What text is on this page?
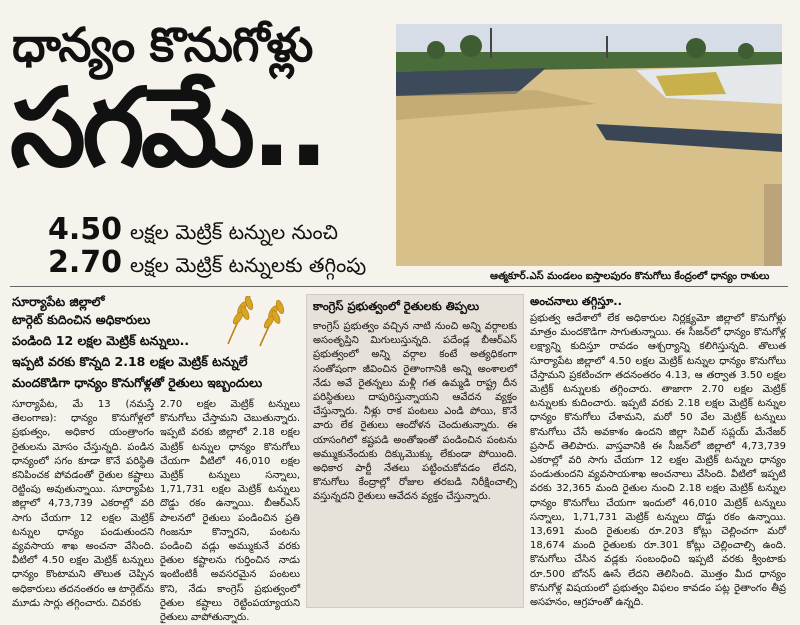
ధాన్యం కొనుగోళ్లు
సగమే..
4.50 లక్షల మెట్రిక్ టన్నుల నుంచి
2.70 లక్షల మెట్రిక్ టన్నులకు తగ్గింపు	ఆత్మకూర్.ఎస్ మండలం ఐస్తాలపురం కొనుగోలు కేంద్రంలో ధాన్యం రాశులు
సూర్యాపేట జిల్లాలో
టార్గెట్ కుదించిన అధికారులు
పండింది 12 లక్షల మెట్రిక్ టన్నులు..
ఇప్పటి వరకు కొన్నది 2.18 లక్షల మెట్రిక్ టన్నులే
మందకొడిగా ధాన్యం కొనుగోళ్లతో రైతులు ఇబ్బందులు
సూర్యాపేట, మే 13 (నమస్తే తెలంగాణ): ధాన్యం కొనుగోళ్లలో ప్రభుత్వం, అధికార యంత్రాంగం రైతులను మోసం చేస్తున్నది. పండిన ధాన్యంలో సగం కూడా కొనే పరిస్థితి కనిపించక పోవడంతో రైతుల కష్టాలు రెట్టింపు అవుతున్నాయి. సూర్యాపేట జిల్లాలో 4,73,739 ఎకరాల్లో వరి సాగు చేయగా 12 లక్షల మెట్రిక్ టన్నుల ధాన్యం పండుతుందని వ్యవసాయ శాఖ అంచనా వేసింది. వీటిలో 4.50 లక్షల మెట్రిక్ టన్నులు ధాన్యం కొంటామని తొలుత చెప్పిన అధికారులు తదనంతరం ఆ టార్గెట్‌ను మూడు సార్లు తగ్గించారు. చివరకు
2.70 లక్షల మెట్రిక్ టన్నులు కొనుగోలు చేస్తామని చెబుతున్నారు. ఇప్పటి వరకు జిల్లాలో 2.18 లక్షల మెట్రిక్ టన్నుల ధాన్యం కొనుగోలు చేయగా వీటిలో 46,010 లక్షల మెట్రిక్ టన్నులు సన్నాలు, 1,71,731 లక్షల మెట్రిక్ టన్నులు దొడ్డు రకం ఉన్నాయి. బీఆర్ఎస్ పాలనలో రైతులు పండించిన ప్రతి గింజనూ కొన్నారని, పంటను పండించి వడ్లు అమ్ముకునే వరకు రైతుల కష్టాలను గుర్తించిన నాడు ఇంటింటికీ అవసరమైన పంటలు కొని, నేడు కాంగ్రెస్ ప్రభుత్వంలో రైతుల కష్టాలు రెట్టింపయ్యాయని రైతులు వాపోతున్నారు.
కాంగ్రెస్ ప్రభుత్వంలో రైతులకు తిప్పలు
కాంగ్రెస్ ప్రభుత్వం వచ్చిన నాటి నుంచి అన్ని వర్గాలకు అసంతృప్తిని మిగులుస్తున్నది. పదేండ్ల బీఆర్ఎస్ ప్రభుత్వంలో అన్ని వర్గాల కంటే అత్యధికంగా సంతోషంగా జీవించిన రైతాంగానికి అన్ని అంశాలలో నేడు అవే రైతన్నలు మళ్లీ గత ఉమ్మడి రాష్ట్ర దీన పరిస్థితులు దాపురిస్తున్నాయని ఆవేదన వ్యక్తం చేస్తున్నారు. నీళ్లు రాక పంటలు ఎండి పోయి, కొనే వారు లేక రైతులు ఆందోళన చెందుతున్నారు. ఈ యాసంగిలో కష్టపడి అంతోఇంతో పండించిన పంటను అమ్ముకునేందుకు దిక్కుమొక్కు లేకుండా పోయింది. అధికార పార్టీ నేతలు పట్టించుకోవడం లేదని, కొనుగోలు కేంద్రాల్లో రోజుల తరబడి నిరీక్షించాల్సి వస్తున్నదని రైతులు ఆవేదన వ్యక్తం చేస్తున్నారు.
అంచనాలు తగ్గిస్తూ..
ప్రభుత్వ ఆదేశాలో లేక అధికారుల నిర్లక్ష్యమో జిల్లాలో కొనుగోళ్లు మాత్రం మందకొడిగా సాగుతున్నాయి. ఈ సీజన్‌లో ధాన్యం కొనుగోళ్ల లక్ష్యాన్ని కుదిస్తూ రావడం ఆశ్చర్యాన్ని కలిగిస్తున్నది. తొలుత సూర్యాపేట జిల్లాలో 4.50 లక్షల మెట్రిక్ టన్నుల ధాన్యం కొనుగోలు చేస్తామని ప్రకటించగా తదనంతరం 4.13, ఆ తర్వాత 3.50 లక్షల మెట్రిక్ టన్నులకు తగ్గించారు. తాజాగా 2.70 లక్షల మెట్రిక్ టన్నులకు కుదించారు. ఇప్పటి వరకు 2.18 లక్షల మెట్రిక్ టన్నుల ధాన్యం కొనుగోలు చేశామని, మరో 50 వేల మెట్రిక్ టన్నులు కొనుగోలు చేసే అవకాశం ఉందని జిల్లా సివిల్ సప్లయ్ మేనేజర్ ప్రసాద్ తెలిపారు. వాస్తవానికి ఈ సీజన్‌లో జిల్లాలో 4,73,739 ఎకరాల్లో వరి సాగు చేయగా 12 లక్షల మెట్రిక్ టన్నుల ధాన్యం పండుతుందని వ్యవసాయశాఖ అంచనాలు వేసింది. వీటిలో ఇప్పటి వరకు 32,365 మంది రైతుల నుంచి 2.18 లక్షల మెట్రిక్ టన్నుల ధాన్యం కొనుగోలు చేయగా ఇందులో 46,010 మెట్రిక్ టన్నులు సన్నాలు, 1,71,731 మెట్రిక్ టన్నులు దొడ్డు రకం ఉన్నాయి. 13,691 మంది రైతులకు రూ.203 కోట్లు చెల్లించగా మరో 18,674 మంది రైతులకు రూ.301 కోట్లు చెల్లించాల్సి ఉంది. కొనుగోలు చేసిన వడ్లకు సంబంధించి ఇప్పటి వరకు క్వింటాకు రూ.500 బోనస్ ఊసే లేదని తెలిసింది. మొత్తం మీద ధాన్యం కొనుగోళ్ల విషయంలో ప్రభుత్వం విఫలం కావడం పట్ల రైతాంగం తీవ్ర అసహనం, ఆగ్రహంతో ఉన్నది.
